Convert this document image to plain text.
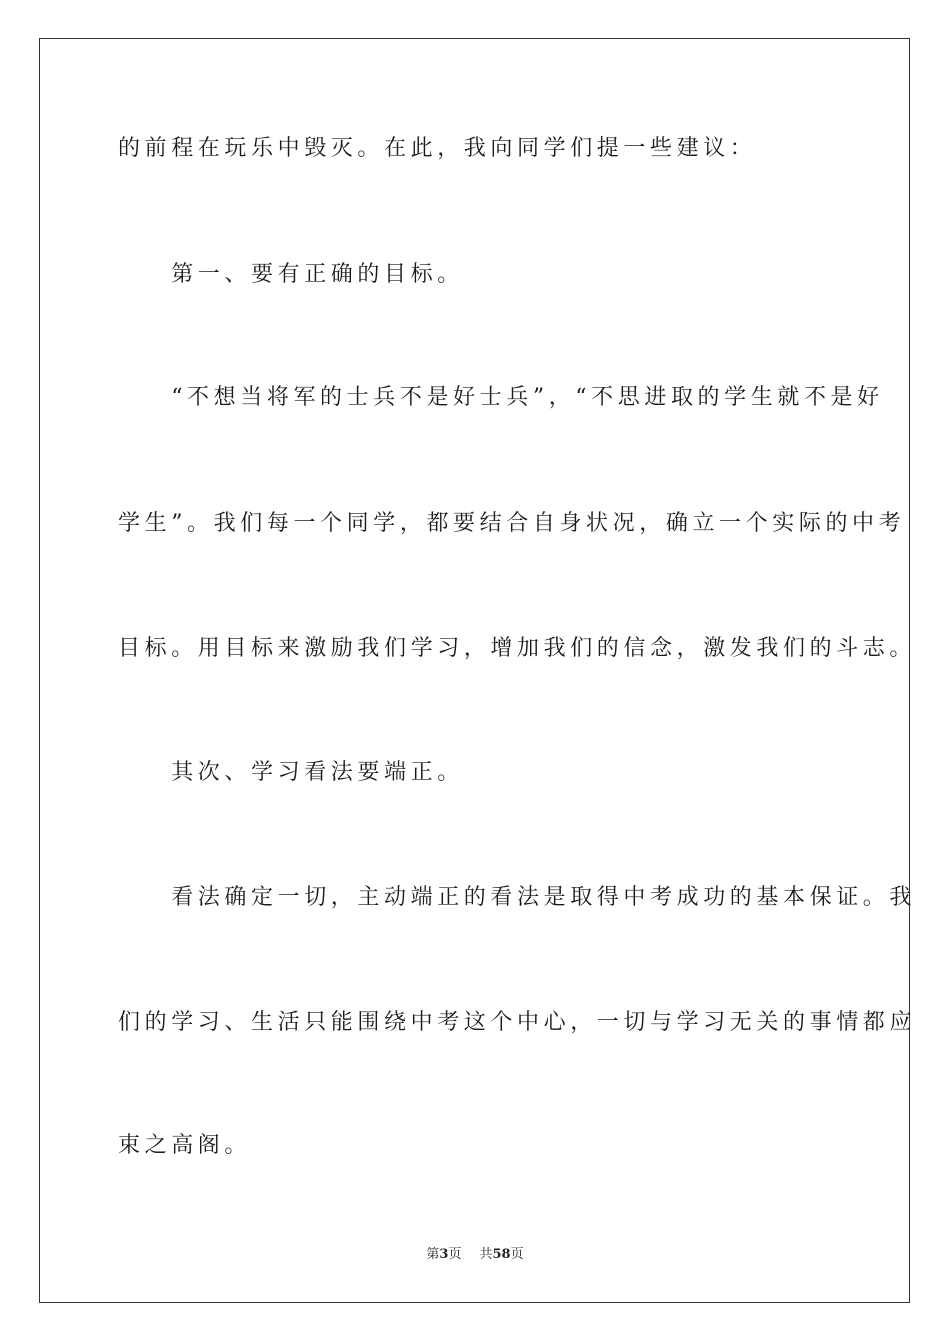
的前程在玩乐中毁灭。在此，我向同学们提一些建议：
　　第一、要有正确的目标。
　　“不想当将军的士兵不是好士兵”，“不思进取的学生就不是好
学生”。我们每一个同学，都要结合自身状况，确立一个实际的中考
目标。用目标来激励我们学习，增加我们的信念，激发我们的斗志。
　　其次、学习看法要端正。
　　看法确定一切，主动端正的看法是取得中考成功的基本保证。我
们的学习、生活只能围绕中考这个中心，一切与学习无关的事情都应
束之高阁。
第3页 共58页
